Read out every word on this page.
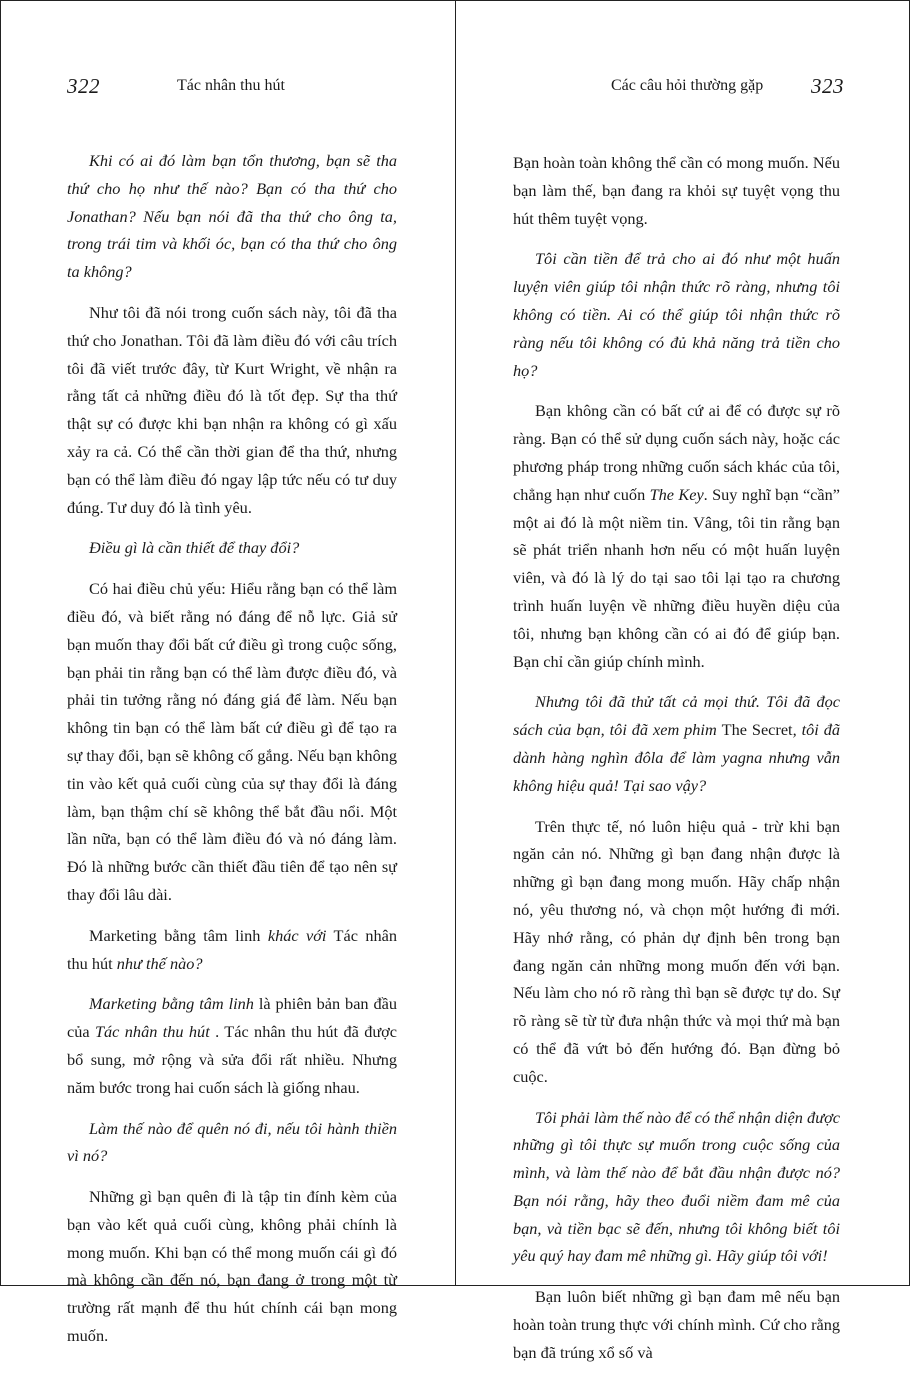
322	Tác nhân thu hút

Khi có ai đó làm bạn tổn thương, bạn sẽ tha thứ cho họ như thế nào? Bạn có tha thứ cho Jonathan? Nếu bạn nói đã tha thứ cho ông ta, trong trái tim và khối óc, bạn có tha thứ cho ông ta không?

Như tôi đã nói trong cuốn sách này, tôi đã tha thứ cho Jonathan. Tôi đã làm điều đó với câu trích tôi đã viết trước đây, từ Kurt Wright, về nhận ra rằng tất cả những điều đó là tốt đẹp. Sự tha thứ thật sự có được khi bạn nhận ra không có gì xấu xảy ra cả. Có thể cần thời gian để tha thứ, nhưng bạn có thể làm điều đó ngay lập tức nếu có tư duy đúng. Tư duy đó là tình yêu.

Điều gì là cần thiết để thay đổi?

Có hai điều chủ yếu: Hiểu rằng bạn có thể làm điều đó, và biết rằng nó đáng để nỗ lực. Giả sử bạn muốn thay đổi bất cứ điều gì trong cuộc sống, bạn phải tin rằng bạn có thể làm được điều đó, và phải tin tưởng rằng nó đáng giá để làm. Nếu bạn không tin bạn có thể làm bất cứ điều gì để tạo ra sự thay đổi, bạn sẽ không cố gắng. Nếu bạn không tin vào kết quả cuối cùng của sự thay đổi là đáng làm, bạn thậm chí sẽ không thể bắt đầu nổi. Một lần nữa, bạn có thể làm điều đó và nó đáng làm. Đó là những bước cần thiết đầu tiên để tạo nên sự thay đổi lâu dài.

Marketing bằng tâm linh khác với Tác nhân thu hút như thế nào?

Marketing bằng tâm linh là phiên bản ban đầu của Tác nhân thu hút . Tác nhân thu hút đã được bổ sung, mở rộng và sửa đổi rất nhiều. Nhưng năm bước trong hai cuốn sách là giống nhau.

Làm thế nào để quên nó đi, nếu tôi hành thiền vì nó?

Những gì bạn quên đi là tập tin đính kèm của bạn vào kết quả cuối cùng, không phải chính là mong muốn. Khi bạn có thể mong muốn cái gì đó mà không cần đến nó, bạn đang ở trong một từ trường rất mạnh để thu hút chính cái bạn mong muốn.

Các câu hỏi thường gặp 323

Bạn hoàn toàn không thể cần có mong muốn. Nếu bạn làm thế, bạn đang ra khỏi sự tuyệt vọng thu hút thêm tuyệt vọng.

Tôi cần tiền để trả cho ai đó như một huấn luyện viên giúp tôi nhận thức rõ ràng, nhưng tôi không có tiền. Ai có thể giúp tôi nhận thức rõ ràng nếu tôi không có đủ khả năng trả tiền cho họ?

Bạn không cần có bất cứ ai để có được sự rõ ràng. Bạn có thể sử dụng cuốn sách này, hoặc các phương pháp trong những cuốn sách khác của tôi, chẳng hạn như cuốn The Key. Suy nghĩ bạn “cần” một ai đó là một niềm tin. Vâng, tôi tin rằng bạn sẽ phát triển nhanh hơn nếu có một huấn luyện viên, và đó là lý do tại sao tôi lại tạo ra chương trình huấn luyện về những điều huyền diệu của tôi, nhưng bạn không cần có ai đó để giúp bạn. Bạn chỉ cần giúp chính mình.

Nhưng tôi đã thử tất cả mọi thứ. Tôi đã đọc sách của bạn, tôi đã xem phim The Secret, tôi đã dành hàng nghìn đôla để làm yagna nhưng vẫn không hiệu quả! Tại sao vậy?

Trên thực tế, nó luôn hiệu quả - trừ khi bạn ngăn cản nó. Những gì bạn đang nhận được là những gì bạn đang mong muốn. Hãy chấp nhận nó, yêu thương nó, và chọn một hướng đi mới. Hãy nhớ rằng, có phản dự định bên trong bạn đang ngăn cản những mong muốn đến với bạn. Nếu làm cho nó rõ ràng thì bạn sẽ được tự do. Sự rõ ràng sẽ từ từ đưa nhận thức và mọi thứ mà bạn có thể đã vứt bỏ đến hướng đó. Bạn đừng bỏ cuộc.

Tôi phải làm thế nào để có thể nhận diện được những gì tôi thực sự muốn trong cuộc sống của mình, và làm thế nào để bắt đầu nhận được nó? Bạn nói rằng, hãy theo đuổi niềm đam mê của bạn, và tiền bạc sẽ đến, nhưng tôi không biết tôi yêu quý hay đam mê những gì. Hãy giúp tôi với!

Bạn luôn biết những gì bạn đam mê nếu bạn hoàn toàn trung thực với chính mình. Cứ cho rằng bạn đã trúng xổ số và
